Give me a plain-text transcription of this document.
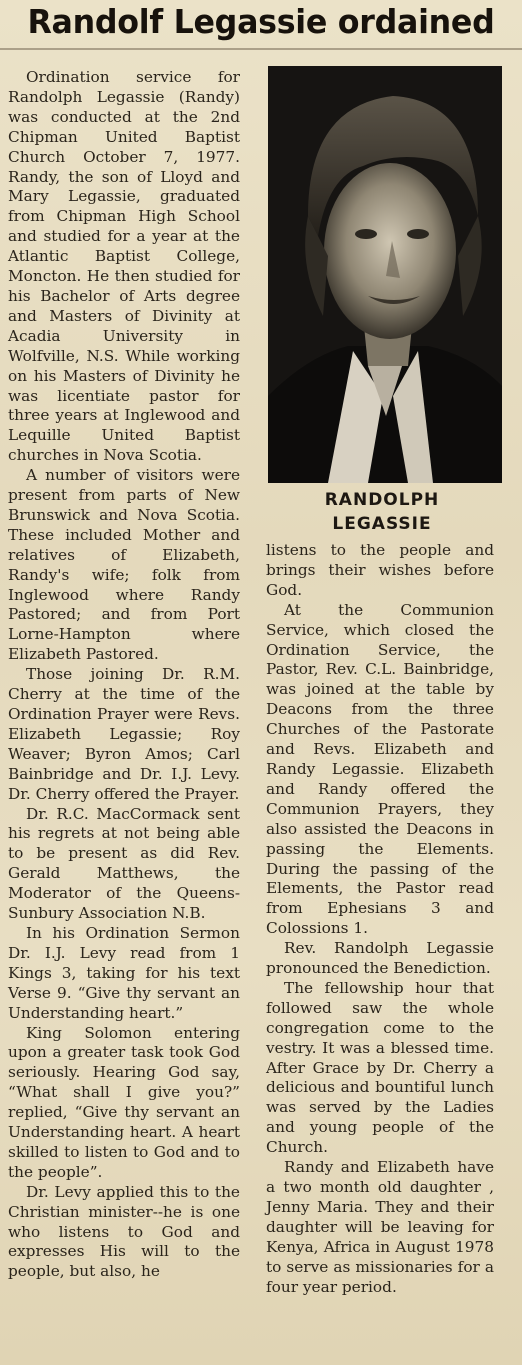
Randolf Legassie ordained

Ordination service for Randolph Legassie (Randy) was conducted at the 2nd Chipman United Baptist Church October 7, 1977. Randy, the son of Lloyd and Mary Legassie, graduated from Chipman High School and studied for a year at the Atlantic Baptist College, Moncton. He then studied for his Bachelor of Arts degree and Masters of Divinity at Acadia University in Wolfville, N.S. While working on his Masters of Divinity he was licentiate pastor for three years at Inglewood and Lequille United Baptist churches in Nova Scotia.

A number of visitors were present from parts of New Brunswick and Nova Scotia. These included Mother and relatives of Elizabeth, Randy's wife; folk from Inglewood where Randy Pastored; and from Port Lorne-Hampton where Elizabeth Pastored.

Those joining Dr. R.M. Cherry at the time of the Ordination Prayer were Revs. Elizabeth Legassie; Roy Weaver; Byron Amos; Carl Bainbridge and Dr. I.J. Levy. Dr. Cherry offered the Prayer.

Dr. R.C. MacCormack sent his regrets at not being able to be present as did Rev. Gerald Matthews, the Moderator of the Queens-Sunbury Association N.B.

In his Ordination Sermon Dr. I.J. Levy read from 1 Kings 3, taking for his text Verse 9. “Give thy servant an Understanding heart.”

King Solomon entering upon a greater task took God seriously. Hearing God say, “What shall I give you?” replied, “Give thy servant an Understanding heart. A heart skilled to listen to God and to the people”.

Dr. Levy applied this to the Christian minister--he is one who listens to God and expresses His will to the people, but also, he

RANDOLPH
LEGASSIE

listens to the people and brings their wishes before God.

At the Communion Service, which closed the Ordination Service, the Pastor, Rev. C.L. Bainbridge, was joined at the table by Deacons from the three Churches of the Pastorate and Revs. Elizabeth and Randy Legassie. Elizabeth and Randy offered the Communion Prayers, they also assisted the Deacons in passing the Elements. During the passing of the Elements, the Pastor read from Ephesians 3 and Colossions 1.

Rev. Randolph Legassie pronounced the Benediction.

The fellowship hour that followed saw the whole congregation come to the vestry. It was a blessed time. After Grace by Dr. Cherry a delicious and bountiful lunch was served by the Ladies and young people of the Church.

Randy and Elizabeth have a two month old daughter , Jenny Maria. They and their daughter will be leaving for Kenya, Africa in August 1978 to serve as missionaries for a four year period.
